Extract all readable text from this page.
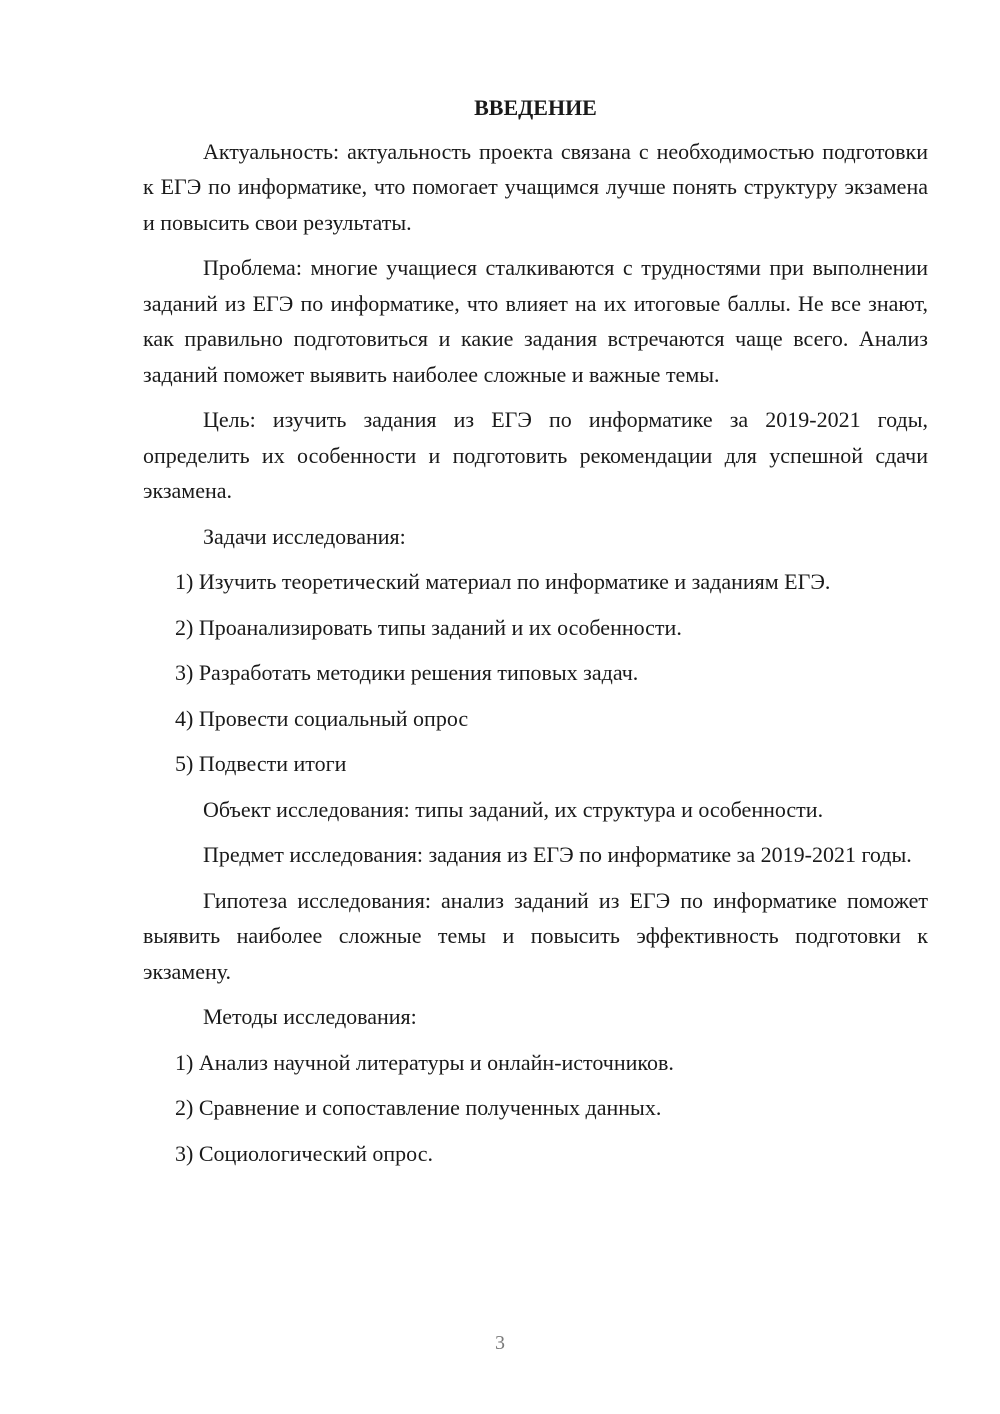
ВВЕДЕНИЕ

Актуальность: актуальность проекта связана с необходимостью подготовки к ЕГЭ по информатике, что помогает учащимся лучше понять структуру экзамена и повысить свои результаты.

Проблема: многие учащиеся сталкиваются с трудностями при выполнении заданий из ЕГЭ по информатике, что влияет на их итоговые баллы. Не все знают, как правильно подготовиться и какие задания встречаются чаще всего. Анализ заданий поможет выявить наиболее сложные и важные темы.

Цель: изучить задания из ЕГЭ по информатике за 2019-2021 годы, определить их особенности и подготовить рекомендации для успешной сдачи экзамена.

Задачи исследования:

1) Изучить теоретический материал по информатике и заданиям ЕГЭ.

2) Проанализировать типы заданий и их особенности.

3) Разработать методики решения типовых задач.

4) Провести социальный опрос

5) Подвести итоги

Объект исследования: типы заданий, их структура и особенности.

Предмет исследования: задания из ЕГЭ по информатике за 2019-2021 годы.

Гипотеза исследования: анализ заданий из ЕГЭ по информатике поможет выявить наиболее сложные темы и повысить эффективность подготовки к экзамену.

Методы исследования:

1) Анализ научной литературы и онлайн-источников.

2) Сравнение и сопоставление полученных данных.

3) Социологический опрос.

3
